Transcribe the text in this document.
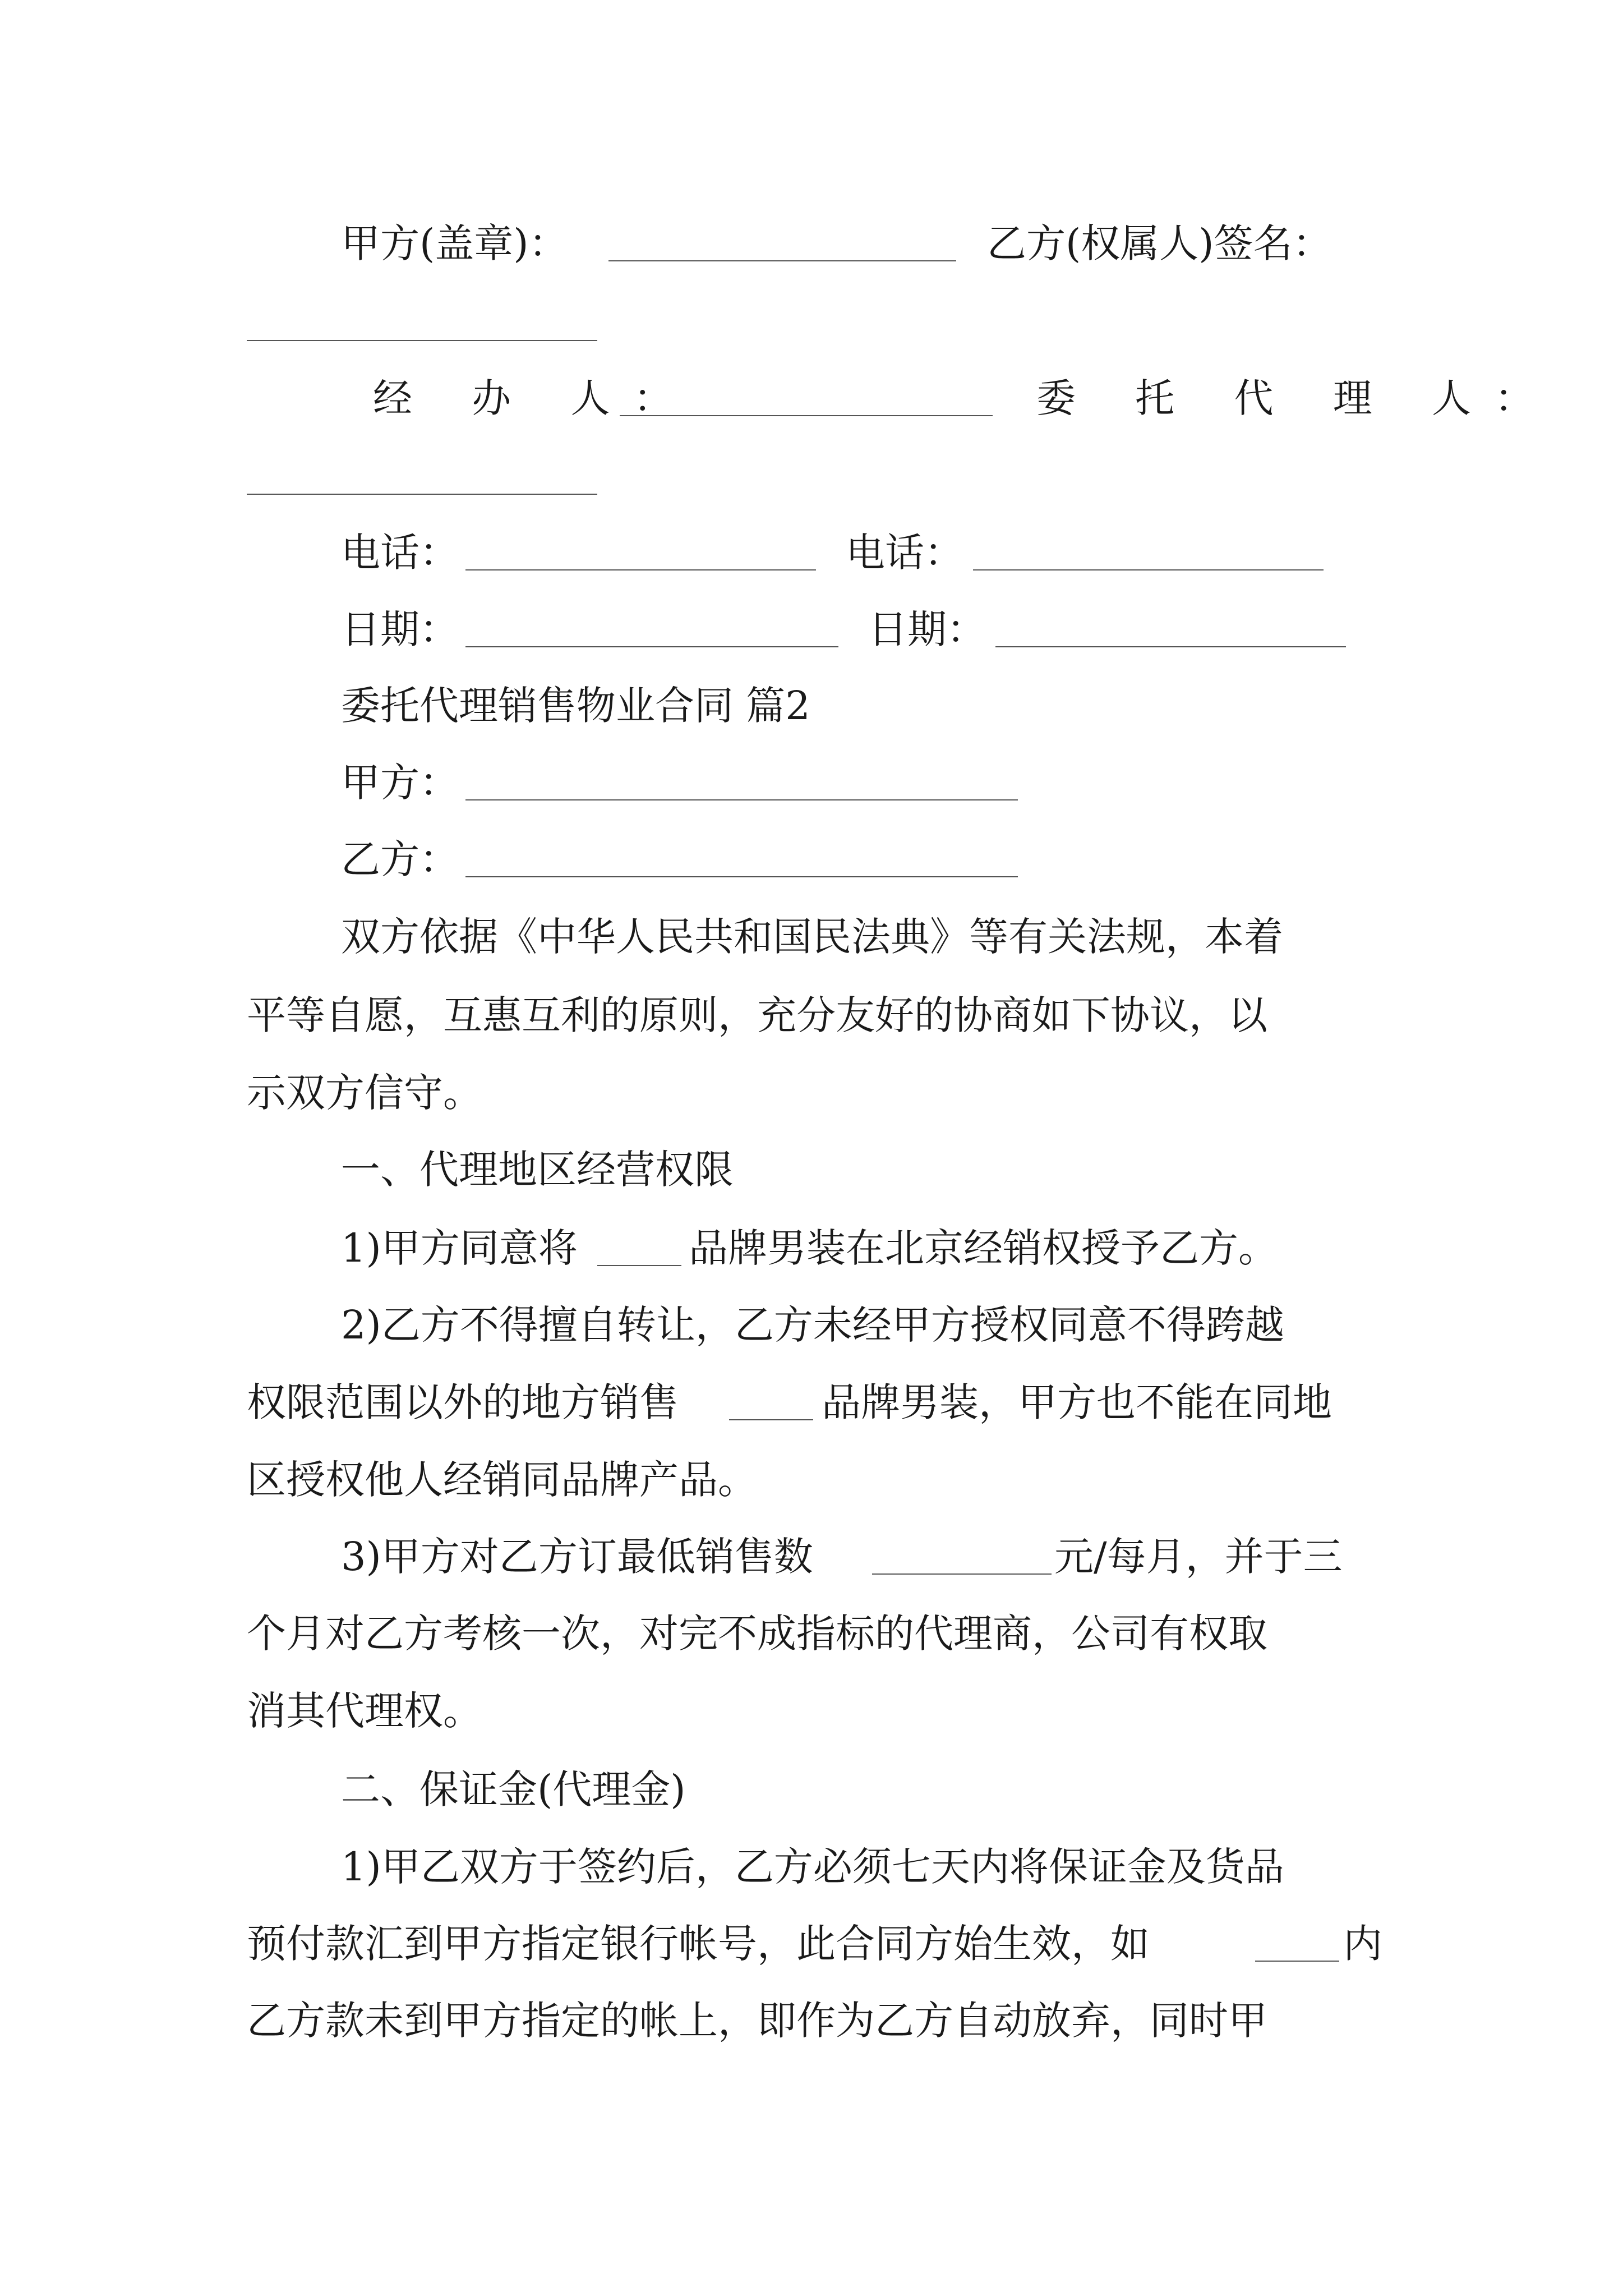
甲方(盖章)：	乙方(权属人)签名：
经 办 人：	委 托 代 理 人：
电话：	电话：
日期：	日期：
委托代理销售物业合同 篇2
甲方：
乙方：
双方依据《中华人民共和国民法典》等有关法规，本着
平等自愿，互惠互利的原则，充分友好的协商如下协议，以
示双方信守。
一、代理地区经营权限
1)甲方同意将	品牌男装在北京经销权授予乙方。
2)乙方不得擅自转让，乙方未经甲方授权同意不得跨越
权限范围以外的地方销售	品牌男装，甲方也不能在同地
区授权他人经销同品牌产品。
3)甲方对乙方订最低销售数	元/每月，并于三
个月对乙方考核一次，对完不成指标的代理商，公司有权取
消其代理权。
二、保证金(代理金)
1)甲乙双方于签约后，乙方必须七天内将保证金及货品
预付款汇到甲方指定银行帐号，此合同方始生效，如	内
乙方款未到甲方指定的帐上，即作为乙方自动放弃，同时甲
